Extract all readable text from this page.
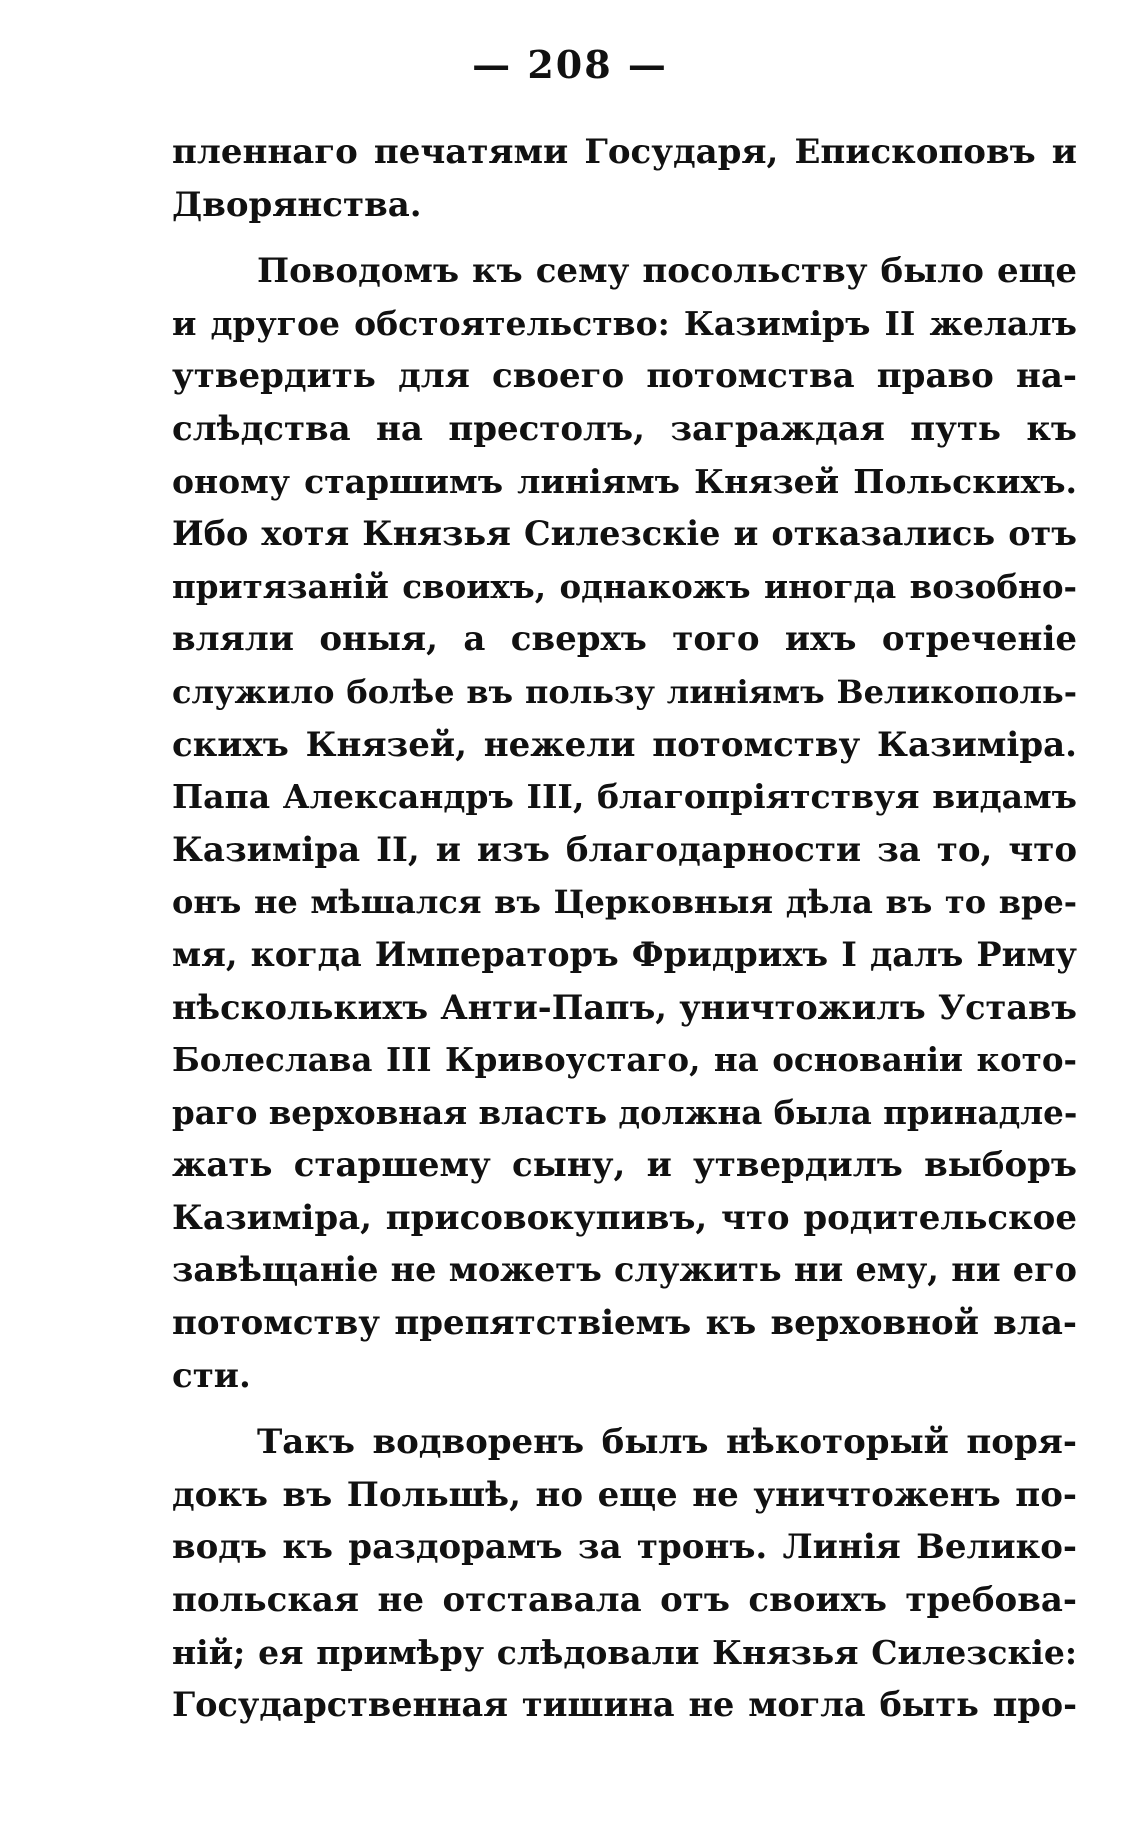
— 208 —
пленнаго печатями Государя, Епископовъ и
Дворянства.
Поводомъ къ сему посольству было еще
и другое обстоятельство: Казиміръ II желалъ
утвердить для своего потомства право на-
слѣдства на престолъ, заграждая путь къ
оному старшимъ линіямъ Князей Польскихъ.
Ибо хотя Князья Силезскіе и отказались отъ
притязаній своихъ, однакожъ иногда возобно-
вляли оныя, а сверхъ того ихъ отреченіе
служило болѣе въ пользу линіямъ Великополь-
скихъ Князей, нежели потомству Казиміра.
Папа Александръ III, благопріятствуя видамъ
Казиміра II, и изъ благодарности за то, что
онъ не мѣшался въ Церковныя дѣла въ то вре-
мя, когда Императоръ Фридрихъ I далъ Риму
нѣсколькихъ Анти-Папъ, уничтожилъ Уставъ
Болеслава III Кривоустаго, на основаніи кото-
раго верховная власть должна была принадле-
жать старшему сыну, и утвердилъ выборъ
Казиміра, присовокупивъ, что родительское
завѣщаніе не можетъ служить ни ему, ни его
потомству препятствіемъ къ верховной вла-
сти.
Такъ водворенъ былъ нѣкоторый поря-
докъ въ Польшѣ, но еще не уничтоженъ по-
водъ къ раздорамъ за тронъ. Линія Велико-
польская не отставала отъ своихъ требова-
ній; ея примѣру слѣдовали Князья Силезскіе:
Государственная тишина не могла быть про-
